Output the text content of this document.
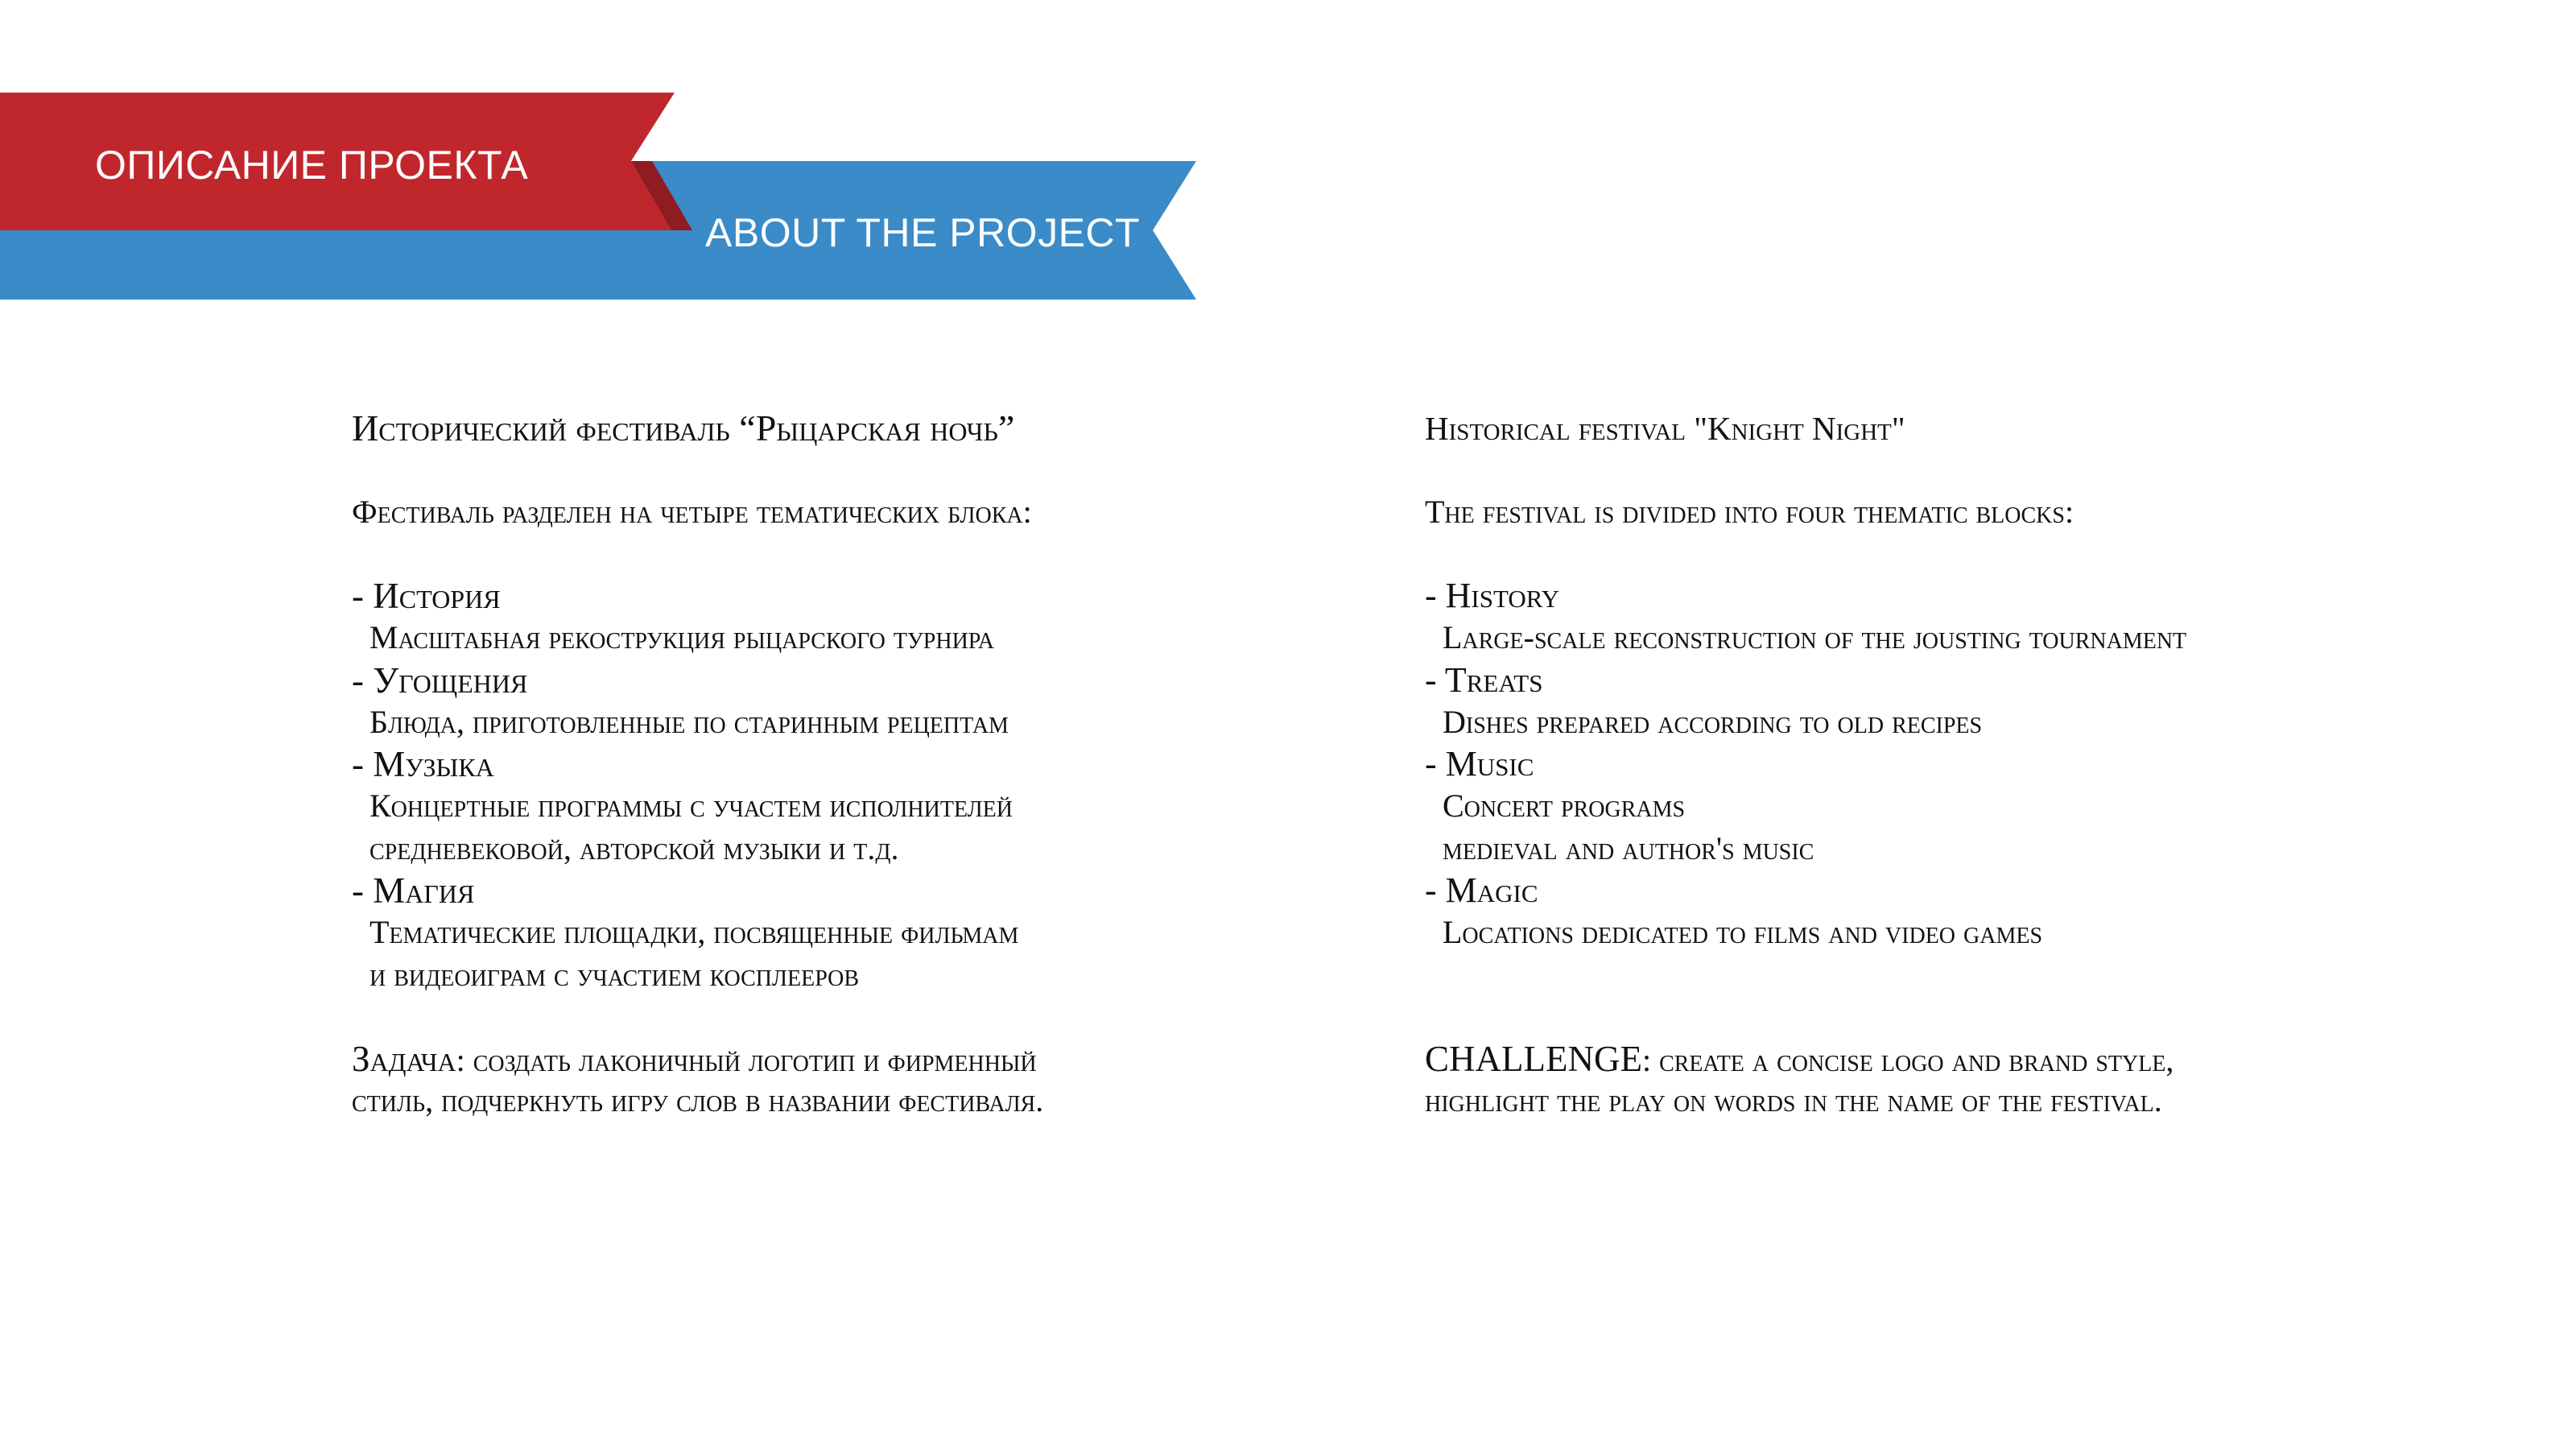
ОПИСАНИЕ ПРОЕКТА
ABOUT THE PROJECT
Исторический фестиваль “Рыцарская ночь”
Фестиваль разделен на четыре тематических блока:
- История
Масштабная рекострукция рыцарского турнира
- Угощения
Блюда, приготовленные по старинным рецептам
- Музыка
Концертные программы с участем исполнителей
средневековой, авторской музыки и т.д.
- Магия
Тематические площадки, посвященные фильмам
и видеоиграм с участием косплееров
Задача: создать лаконичный логотип и фирменный
стиль, подчеркнуть игру слов в названии фестиваля.
Historical festival "Knight Night"
The festival is divided into four thematic blocks:
- History
Large-scale reconstruction of the jousting tournament
- Treats
Dishes prepared according to old recipes
- Music
Concert programs
medieval and author's music
- Magic
Locations dedicated to films and video games
CHALLENGE: create a concise logo and brand style,
highlight the play on words in the name of the festival.
